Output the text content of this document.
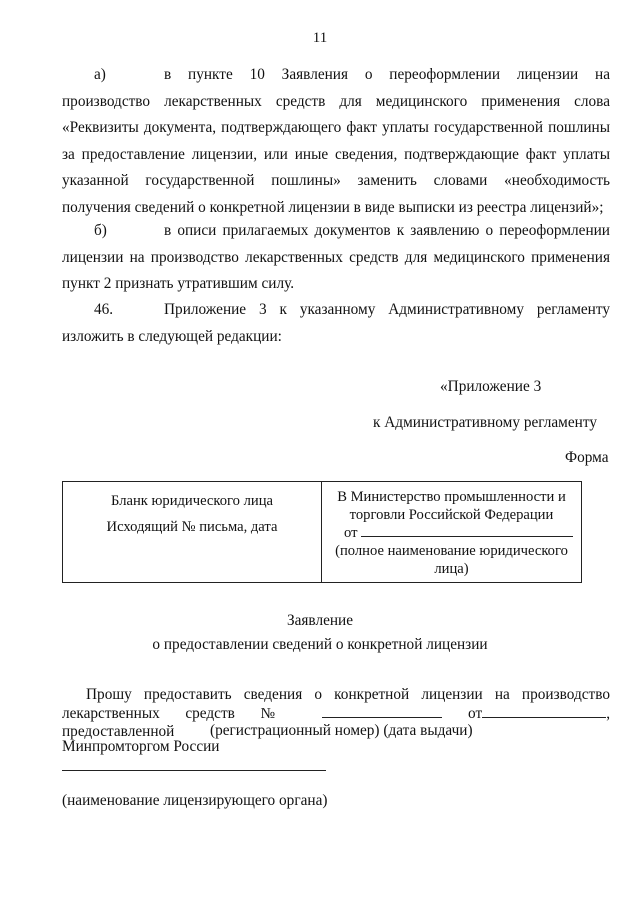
11
а)	в пункте 10 Заявления о переоформлении лицензии на производство лекарственных средств для медицинского применения слова «Реквизиты документа, подтверждающего факт уплаты государственной пошлины за предоставление лицензии, или иные сведения, подтверждающие факт уплаты указанной государственной пошлины» заменить словами «необходимость получения сведений о конкретной лицензии в виде выписки из реестра лицензий»;
б)	в описи прилагаемых документов к заявлению о переоформлении лицензии на производство лекарственных средств для медицинского применения пункт 2 признать утратившим силу.
46.	Приложение 3 к указанному Административному регламенту изложить в следующей редакции:
«Приложение 3
к Административному регламенту
Форма
Бланк юридического лица
Исходящий № письма, дата

В Министерство промышленности и торговли Российской Федерации
от
(полное наименование юридического лица)
Заявление
о предоставлении сведений о конкретной лицензии
Прошу предоставить сведения о конкретной лицензии на производство
лекарственных средств №	от	, предоставленной	(регистрационный номер) (дата выдачи)
Минпромторгом России
(наименование лицензирующего органа)
